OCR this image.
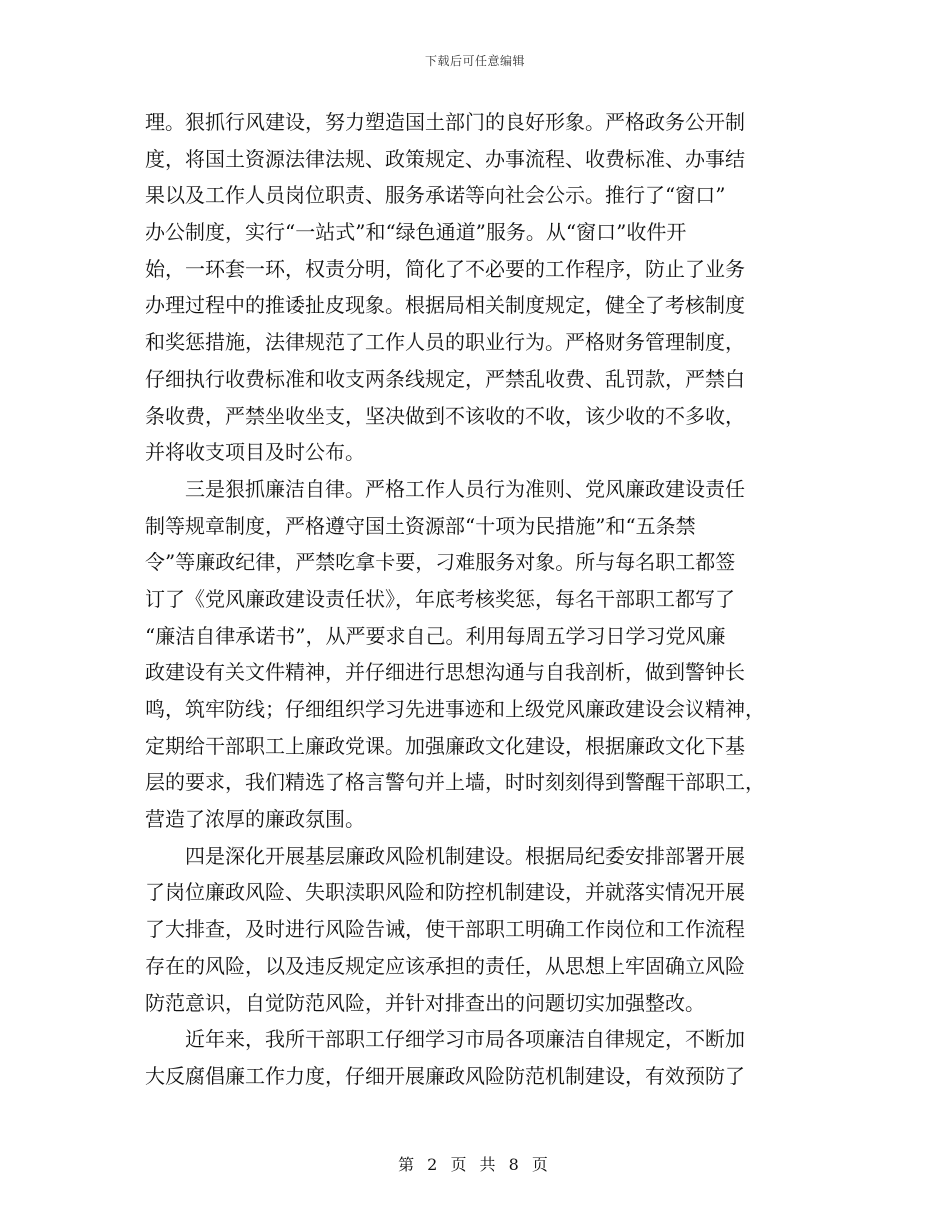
下载后可任意编辑
理。狠抓行风建设，努力塑造国土部门的良好形象。严格政务公开制
度，将国土资源法律法规、政策规定、办事流程、收费标准、办事结
果以及工作人员岗位职责、服务承诺等向社会公示。推行了“窗口”
办公制度，实行“一站式”和“绿色通道”服务。从“窗口”收件开
始，一环套一环，权责分明，简化了不必要的工作程序，防止了业务
办理过程中的推诿扯皮现象。根据局相关制度规定，健全了考核制度
和奖惩措施，法律规范了工作人员的职业行为。严格财务管理制度，
仔细执行收费标准和收支两条线规定，严禁乱收费、乱罚款，严禁白
条收费，严禁坐收坐支，坚决做到不该收的不收，该少收的不多收，
并将收支项目及时公布。
三是狠抓廉洁自律。严格工作人员行为准则、党风廉政建设责任
制等规章制度，严格遵守国土资源部“十项为民措施”和“五条禁
令”等廉政纪律，严禁吃拿卡要，刁难服务对象。所与每名职工都签
订了《党风廉政建设责任状》，年底考核奖惩，每名干部职工都写了
“廉洁自律承诺书”，从严要求自己。利用每周五学习日学习党风廉
政建设有关文件精神，并仔细进行思想沟通与自我剖析，做到警钟长
鸣，筑牢防线；仔细组织学习先进事迹和上级党风廉政建设会议精神，
定期给干部职工上廉政党课。加强廉政文化建设，根据廉政文化下基
层的要求，我们精选了格言警句并上墙，时时刻刻得到警醒干部职工，
营造了浓厚的廉政氛围。
四是深化开展基层廉政风险机制建设。根据局纪委安排部署开展
了岗位廉政风险、失职渎职风险和防控机制建设，并就落实情况开展
了大排查，及时进行风险告诫，使干部职工明确工作岗位和工作流程
存在的风险，以及违反规定应该承担的责任，从思想上牢固确立风险
防范意识，自觉防范风险，并针对排查出的问题切实加强整改。
近年来，我所干部职工仔细学习市局各项廉洁自律规定，不断加
大反腐倡廉工作力度，仔细开展廉政风险防范机制建设，有效预防了
第 2 页 共 8 页
